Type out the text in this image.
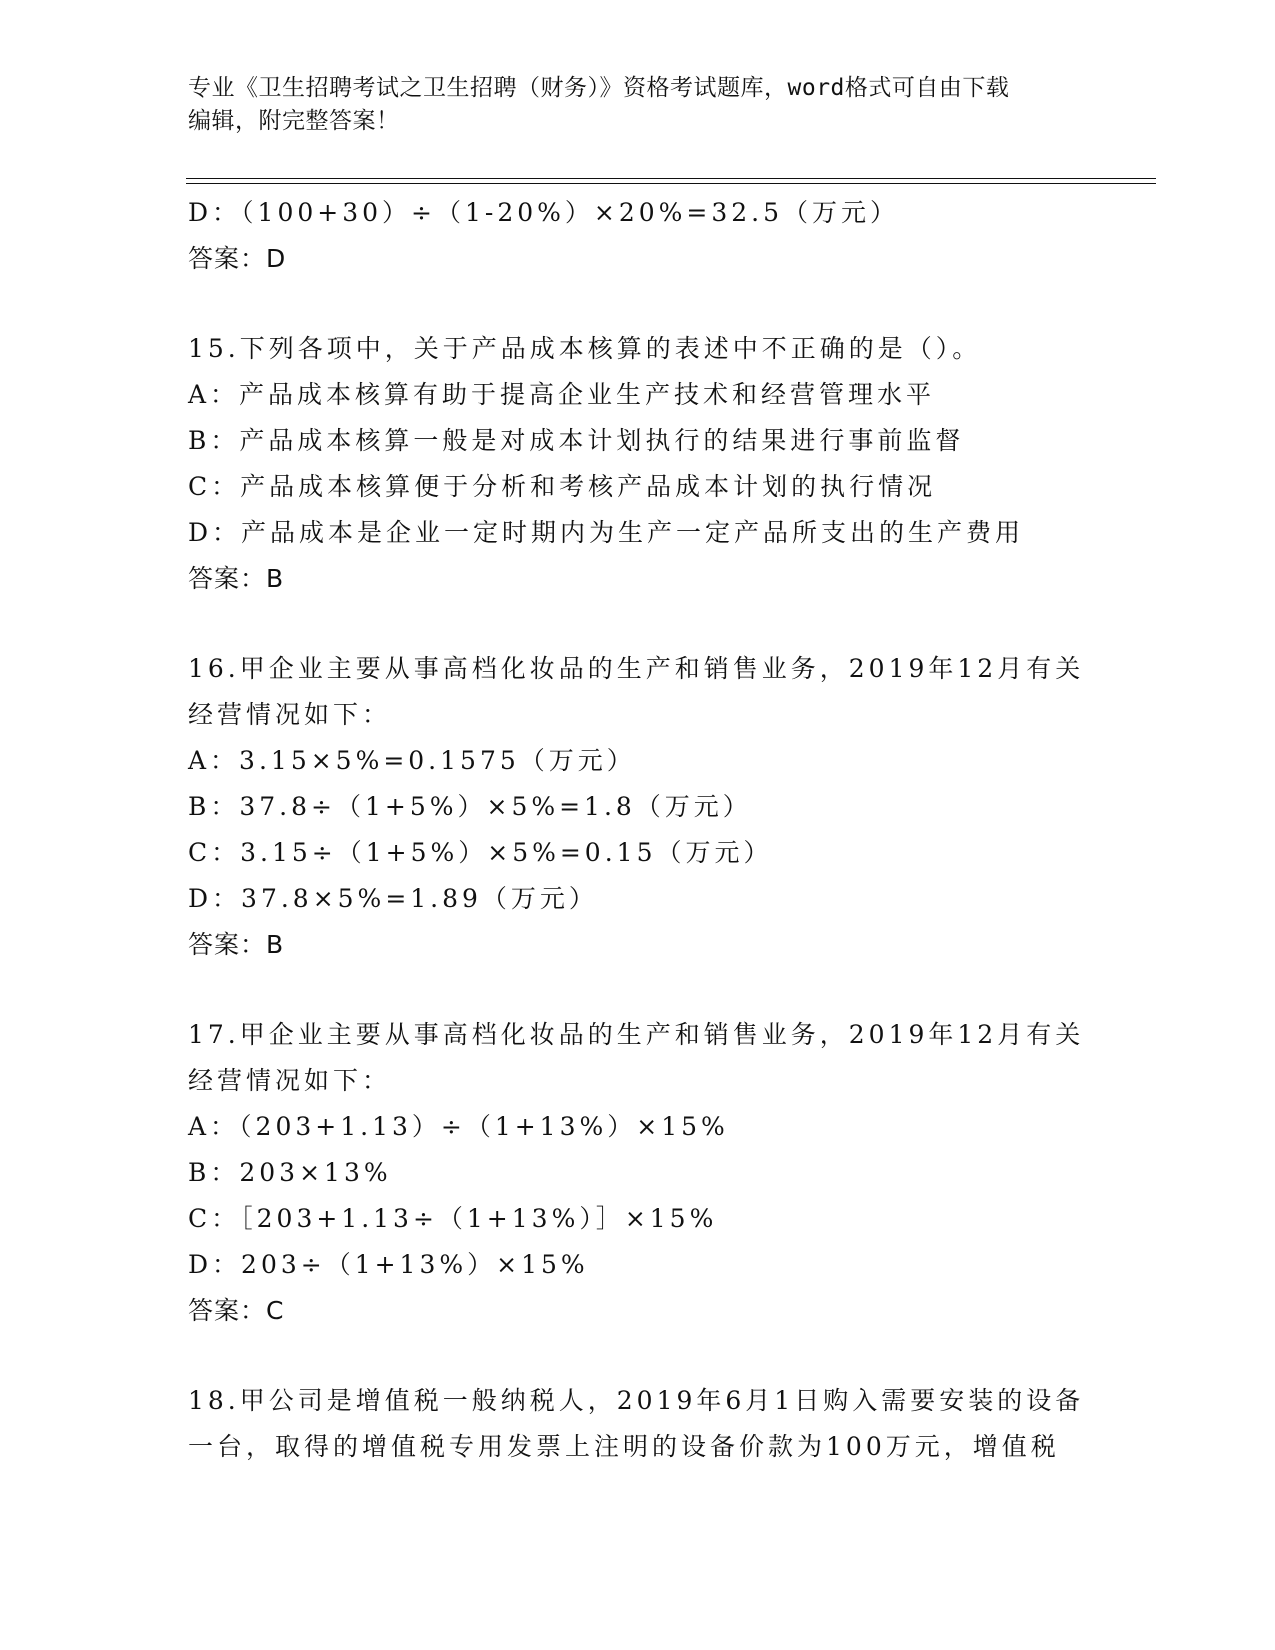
专业《卫生招聘考试之卫生招聘（财务）》资格考试题库，word格式可自由下载
编辑，附完整答案！
D：（100+30）÷（1-20%）×20%=32.5（万元）
答案：D
15.下列各项中，关于产品成本核算的表述中不正确的是（）。
A：产品成本核算有助于提高企业生产技术和经营管理水平
B：产品成本核算一般是对成本计划执行的结果进行事前监督
C：产品成本核算便于分析和考核产品成本计划的执行情况
D：产品成本是企业一定时期内为生产一定产品所支出的生产费用
答案：B
16.甲企业主要从事高档化妆品的生产和销售业务，2019年12月有关
经营情况如下：
A：3.15×5%=0.1575（万元）
B：37.8÷（1+5%）×5%=1.8（万元）
C：3.15÷（1+5%）×5%=0.15（万元）
D：37.8×5%=1.89（万元）
答案：B
17.甲企业主要从事高档化妆品的生产和销售业务，2019年12月有关
经营情况如下：
A：（203+1.13）÷（1+13%）×15%
B：203×13%
C：［203+1.13÷（1+13%）］×15%
D：203÷（1+13%）×15%
答案：C
18.甲公司是增值税一般纳税人，2019年6月1日购入需要安装的设备
一台，取得的增值税专用发票上注明的设备价款为100万元，增值税
